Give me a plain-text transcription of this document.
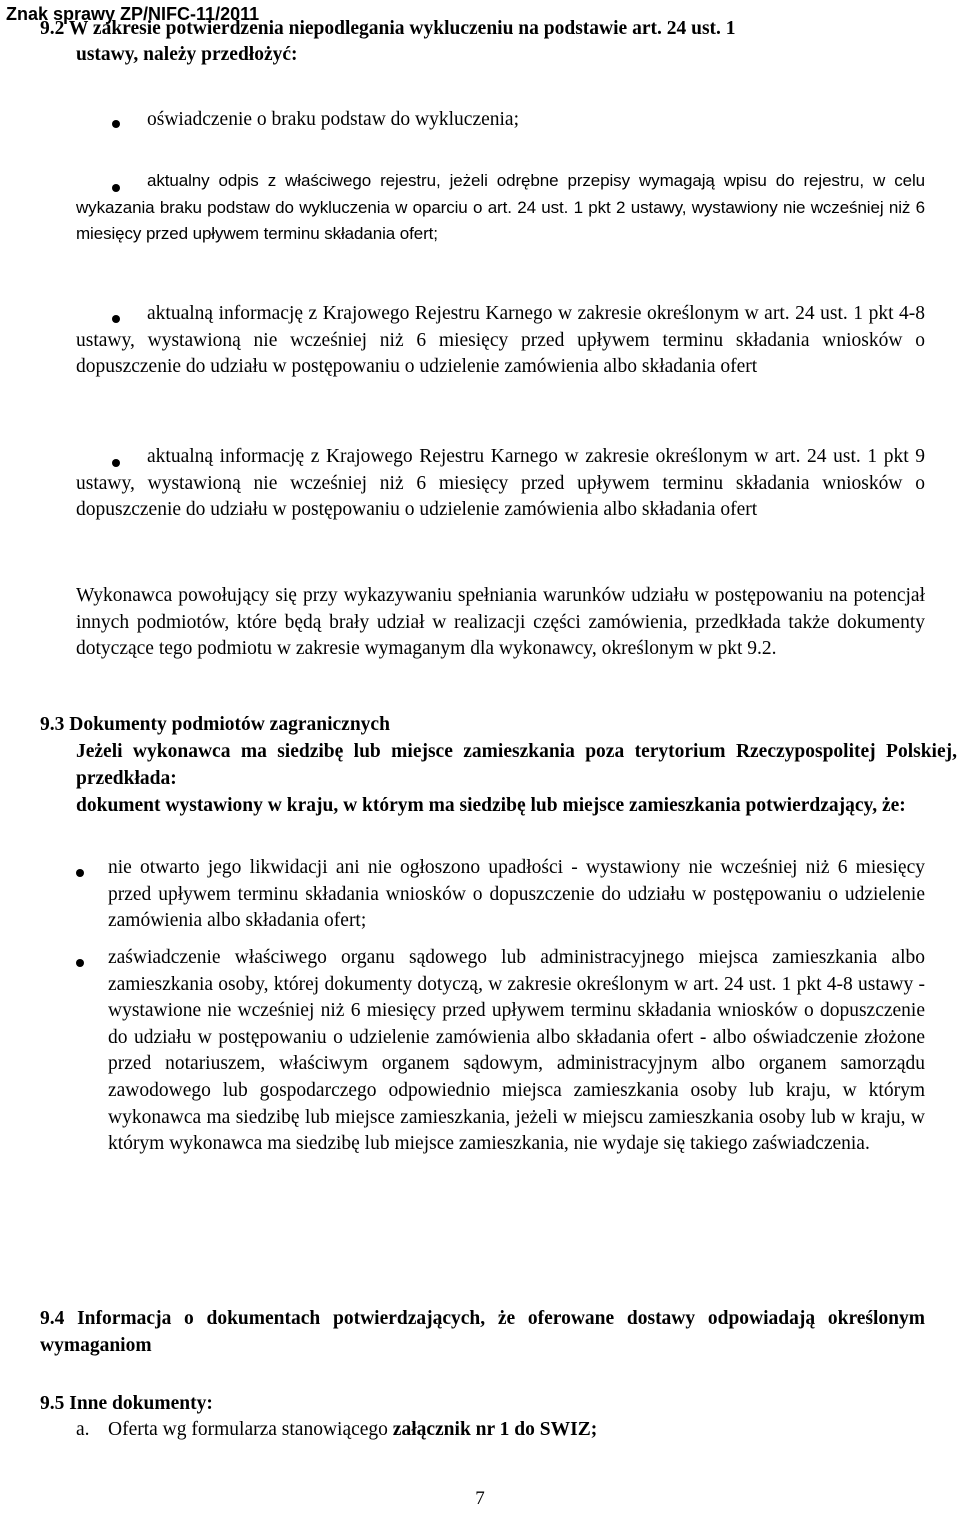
Znak sprawy ZP/NIFC-11/2011
9.2 W zakresie potwierdzenia niepodlegania wykluczeniu na podstawie art. 24 ust. 1
ustawy, należy przedłożyć:
oświadczenie o braku podstaw do wykluczenia;
aktualny odpis z właściwego rejestru, jeżeli odrębne przepisy wymagają wpisu do rejestru, w celu wykazania braku podstaw do wykluczenia w oparciu o art. 24 ust. 1 pkt 2 ustawy, wystawiony nie wcześniej niż 6 miesięcy przed upływem terminu składania ofert;
aktualną informację z Krajowego Rejestru Karnego w zakresie określonym w art. 24 ust. 1 pkt 4-8 ustawy, wystawioną nie wcześniej niż 6 miesięcy przed upływem terminu składania wniosków o dopuszczenie do udziału w postępowaniu o udzielenie zamówienia albo składania ofert
aktualną informację z Krajowego Rejestru Karnego w zakresie określonym w art. 24 ust. 1 pkt 9 ustawy, wystawioną nie wcześniej niż 6 miesięcy przed upływem terminu składania wniosków o dopuszczenie do udziału w postępowaniu o udzielenie zamówienia albo składania ofert
Wykonawca powołujący się przy wykazywaniu spełniania warunków udziału w postępowaniu na potencjał innych podmiotów, które będą brały udział w realizacji części zamówienia, przedkłada także dokumenty dotyczące tego podmiotu w zakresie wymaganym dla wykonawcy, określonym w pkt 9.2.
9.3 Dokumenty podmiotów zagranicznych
Jeżeli wykonawca ma siedzibę lub miejsce zamieszkania poza terytorium Rzeczypospolitej Polskiej, przedkłada:
dokument wystawiony w kraju, w którym ma siedzibę lub miejsce zamieszkania potwierdzający, że:
nie otwarto jego likwidacji ani nie ogłoszono upadłości - wystawiony nie wcześniej niż 6 miesięcy przed upływem terminu składania wniosków o dopuszczenie do udziału w postępowaniu o udzielenie zamówienia albo składania ofert;
zaświadczenie właściwego organu sądowego lub administracyjnego miejsca zamieszkania albo zamieszkania osoby, której dokumenty dotyczą, w zakresie określonym w art. 24 ust. 1 pkt 4-8 ustawy - wystawione nie wcześniej niż 6 miesięcy przed upływem terminu składania wniosków o dopuszczenie do udziału w postępowaniu o udzielenie zamówienia albo składania ofert - albo oświadczenie złożone przed notariuszem, właściwym organem sądowym, administracyjnym albo organem samorządu zawodowego lub gospodarczego odpowiednio miejsca zamieszkania osoby lub kraju, w którym wykonawca ma siedzibę lub miejsce zamieszkania, jeżeli w miejscu zamieszkania osoby lub w kraju, w którym wykonawca ma siedzibę lub miejsce zamieszkania, nie wydaje się takiego zaświadczenia.
9.4 Informacja o dokumentach potwierdzających, że oferowane dostawy odpowiadają określonym wymaganiom
9.5 Inne dokumenty:
a. Oferta wg formularza stanowiącego załącznik nr 1 do SWIZ;
7
